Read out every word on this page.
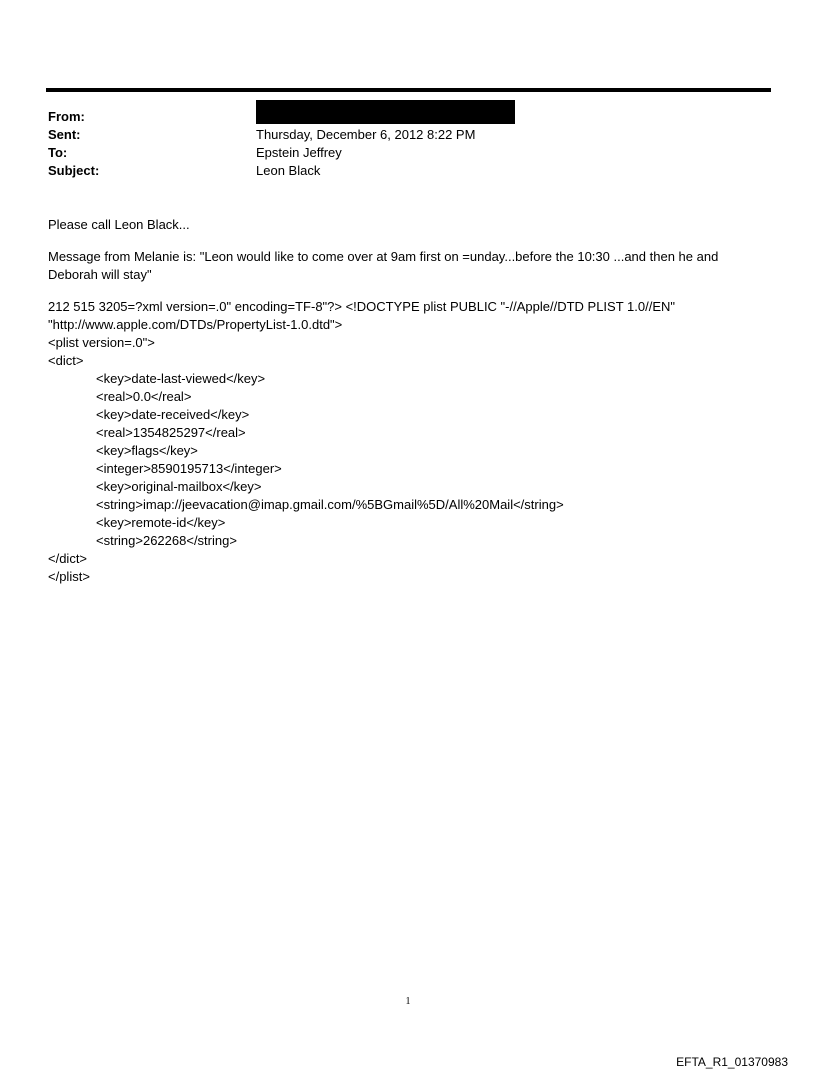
From:
Sent:	Thursday, December 6, 2012 8:22 PM
To:	Epstein Jeffrey
Subject:	Leon Black

Please call Leon Black...

Message from Melanie is: "Leon would like to come over at 9am first on =unday...before the 10:30 ...and then he and Deborah will stay"

212 515 3205=?xml version=.0" encoding=TF-8"?> <!DOCTYPE plist PUBLIC "-//Apple//DTD PLIST 1.0//EN"
"http://www.apple.com/DTDs/PropertyList-1.0.dtd">
<plist version=.0">
<dict>
<key>date-last-viewed</key>
<real>0.0</real>
<key>date-received</key>
<real>1354825297</real>
<key>flags</key>
<integer>8590195713</integer>
<key>original-mailbox</key>
<string>imap://jeevacation@imap.gmail.com/%5BGmail%5D/All%20Mail</string>
<key>remote-id</key>
<string>262268</string>
</dict>
</plist>
1
EFTA_R1_01370983
